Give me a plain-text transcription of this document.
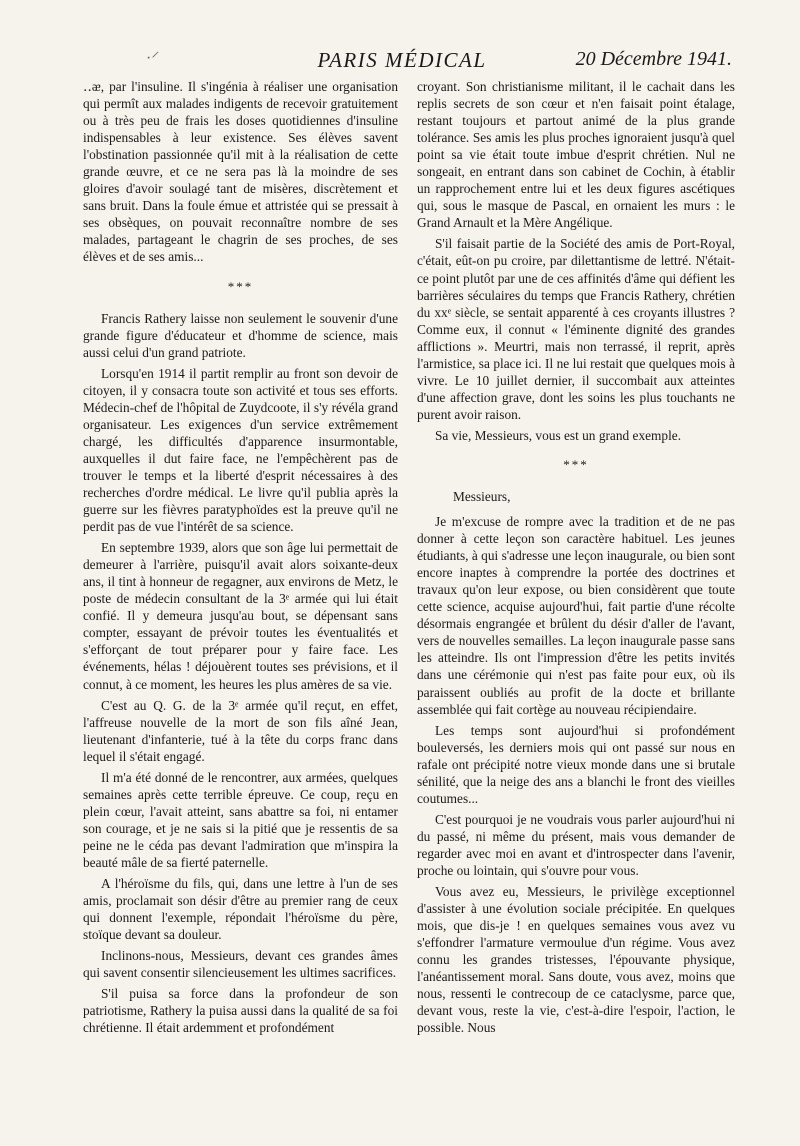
·⸍	PARIS MÉDICAL	20 Décembre 1941.

‥ᴂ, par l'insuline. Il s'ingénia à réaliser une organisation qui permît aux malades indigents de recevoir gratuitement ou à très peu de frais les doses quotidiennes d'insuline indispensables à leur existence. Ses élèves savent l'obstination passionnée qu'il mit à la réalisation de cette grande œuvre, et ce ne sera pas là la moindre de ses gloires d'avoir soulagé tant de misères, discrètement et sans bruit. Dans la foule émue et attristée qui se pressait à ses obsèques, on pouvait reconnaître nombre de ses malades, partageant le chagrin de ses proches, de ses élèves et de ses amis...

***

Francis Rathery laisse non seulement le souvenir d'une grande figure d'éducateur et d'homme de science, mais aussi celui d'un grand patriote.

Lorsqu'en 1914 il partit remplir au front son devoir de citoyen, il y consacra toute son activité et tous ses efforts. Médecin-chef de l'hôpital de Zuydcoote, il s'y révéla grand organisateur. Les exigences d'un service extrêmement chargé, les difficultés d'apparence insurmontable, auxquelles il dut faire face, ne l'empêchèrent pas de trouver le temps et la liberté d'esprit nécessaires à des recherches d'ordre médical. Le livre qu'il publia après la guerre sur les fièvres paratyphoïdes est la preuve qu'il ne perdit pas de vue l'intérêt de sa science.

En septembre 1939, alors que son âge lui permettait de demeurer à l'arrière, puisqu'il avait alors soixante-deux ans, il tint à honneur de regagner, aux environs de Metz, le poste de médecin consultant de la 3ᵉ armée qui lui était confié. Il y demeura jusqu'au bout, se dépensant sans compter, essayant de prévoir toutes les éventualités et s'efforçant de tout préparer pour y faire face. Les événements, hélas ! déjouèrent toutes ses prévisions, et il connut, à ce moment, les heures les plus amères de sa vie.

C'est au Q. G. de la 3ᵉ armée qu'il reçut, en effet, l'affreuse nouvelle de la mort de son fils aîné Jean, lieutenant d'infanterie, tué à la tête du corps franc dans lequel il s'était engagé.

Il m'a été donné de le rencontrer, aux armées, quelques semaines après cette terrible épreuve. Ce coup, reçu en plein cœur, l'avait atteint, sans abattre sa foi, ni entamer son courage, et je ne sais si la pitié que je ressentis de sa peine ne le céda pas devant l'admiration que m'inspira la beauté mâle de sa fierté paternelle.

A l'héroïsme du fils, qui, dans une lettre à l'un de ses amis, proclamait son désir d'être au premier rang de ceux qui donnent l'exemple, répondait l'héroïsme du père, stoïque devant sa douleur.

Inclinons-nous, Messieurs, devant ces grandes âmes qui savent consentir silencieusement les ultimes sacrifices.

S'il puisa sa force dans la profondeur de son patriotisme, Rathery la puisa aussi dans la qualité de sa foi chrétienne. Il était ardemment et profondément

croyant. Son christianisme militant, il le cachait dans les replis secrets de son cœur et n'en faisait point étalage, restant toujours et partout animé de la plus grande tolérance. Ses amis les plus proches ignoraient jusqu'à quel point sa vie était toute imbue d'esprit chrétien. Nul ne songeait, en entrant dans son cabinet de Cochin, à établir un rapprochement entre lui et les deux figures ascétiques qui, sous le masque de Pascal, en ornaient les murs : le Grand Arnault et la Mère Angélique.

S'il faisait partie de la Société des amis de Port-Royal, c'était, eût-on pu croire, par dilettantisme de lettré. N'était-ce point plutôt par une de ces affinités d'âme qui défient les barrières séculaires du temps que Francis Rathery, chrétien du xxᵉ siècle, se sentait apparenté à ces croyants illustres ? Comme eux, il connut « l'éminente dignité des grandes afflictions ». Meurtri, mais non terrassé, il reprit, après l'armistice, sa place ici. Il ne lui restait que quelques mois à vivre. Le 10 juillet dernier, il succombait aux atteintes d'une affection grave, dont les soins les plus touchants ne purent avoir raison.

Sa vie, Messieurs, vous est un grand exemple.

***

Messieurs,

Je m'excuse de rompre avec la tradition et de ne pas donner à cette leçon son caractère habituel. Les jeunes étudiants, à qui s'adresse une leçon inaugurale, ou bien sont encore inaptes à comprendre la portée des doctrines et travaux qu'on leur expose, ou bien considèrent que toute cette science, acquise aujourd'hui, fait partie d'une récolte désormais engrangée et brûlent du désir d'aller de l'avant, vers de nouvelles semailles. La leçon inaugurale passe sans les atteindre. Ils ont l'impression d'être les petits invités dans une cérémonie qui n'est pas faite pour eux, où ils paraissent oubliés au profit de la docte et brillante assemblée qui fait cortège au nouveau récipiendaire.

Les temps sont aujourd'hui si profondément bouleversés, les derniers mois qui ont passé sur nous en rafale ont précipité notre vieux monde dans une si brutale sénilité, que la neige des ans a blanchi le front des vieilles coutumes...

C'est pourquoi je ne voudrais vous parler aujourd'hui ni du passé, ni même du présent, mais vous demander de regarder avec moi en avant et d'introspecter dans l'avenir, proche ou lointain, qui s'ouvre pour vous.

Vous avez eu, Messieurs, le privilège exceptionnel d'assister à une évolution sociale précipitée. En quelques mois, que dis-je ! en quelques semaines vous avez vu s'effondrer l'armature vermoulue d'un régime. Vous avez connu les grandes tristesses, l'épouvante physique, l'anéantissement moral. Sans doute, vous avez, moins que nous, ressenti le contrecoup de ce cataclysme, parce que, devant vous, reste la vie, c'est-à-dire l'espoir, l'action, le possible. Nous
